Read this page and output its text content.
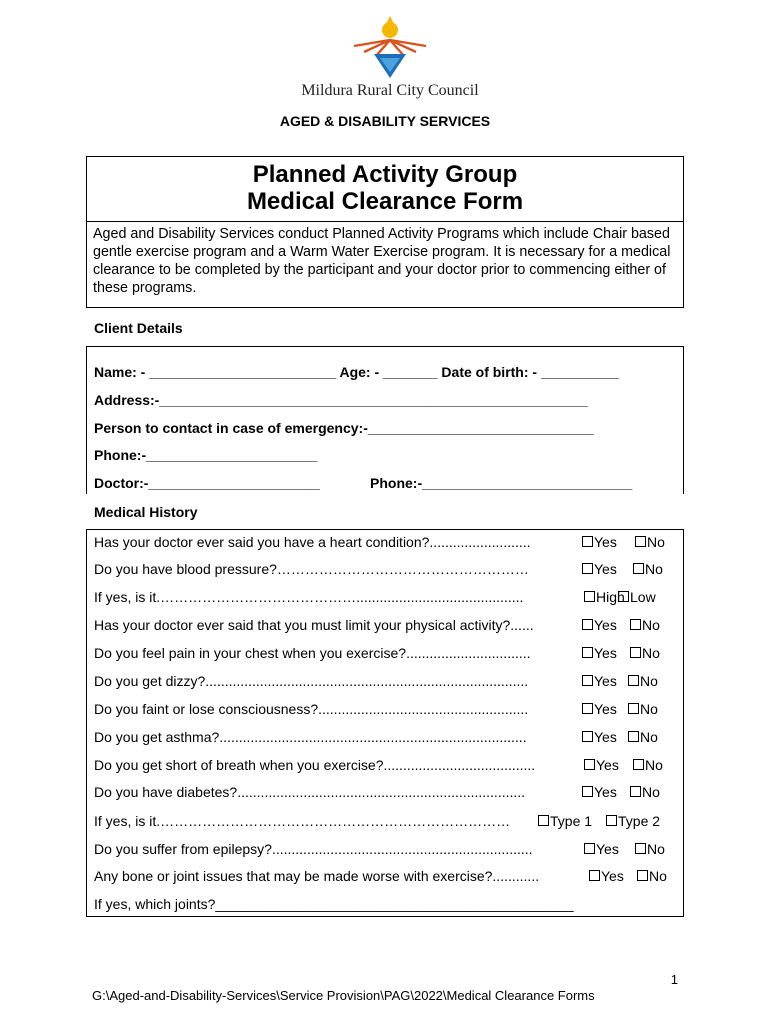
Mildura Rural City Council
AGED & DISABILITY SERVICES
Planned Activity Group
Medical Clearance Form
Aged and Disability Services conduct Planned Activity Programs which include Chair based gentle exercise program and a Warm Water Exercise program. It is necessary for a medical clearance to be completed by the participant and your doctor prior to commencing either of these programs.
Client Details
Name: - ________________________ Age: - _______ Date of birth: - __________
Address:-_______________________________________________________
Person to contact in case of emergency:-_____________________________
Phone:-______________________
Doctor:-______________________	Phone:-___________________________
Medical History
Has your doctor ever said you have a heart condition?..........................	Yes	No
Do you have blood pressure?………………………………………………	Yes	No
If yes, is it.……………………………………...........................................	High Low
Has your doctor ever said that you must limit your physical activity?......	Yes	No
Do you feel pain in your chest when you exercise?................................	Yes	No
Do you get dizzy?...................................................................................	Yes	No
Do you faint or lose consciousness?......................................................	Yes	No
Do you get asthma?...............................................................................	Yes	No
Do you get short of breath when you exercise?.......................................	Yes	No
Do you have diabetes?..........................................................................	Yes	No
If yes, is it.…………………………………………………………………	Type 1	Type 2
Do you suffer from epilepsy?...................................................................	Yes	No
Any bone or joint issues that may be made worse with exercise?............	Yes	No
If yes, which joints?______________________________________________
1
G:\Aged-and-Disability-Services\Service Provision\PAG\2022\Medical Clearance Forms
